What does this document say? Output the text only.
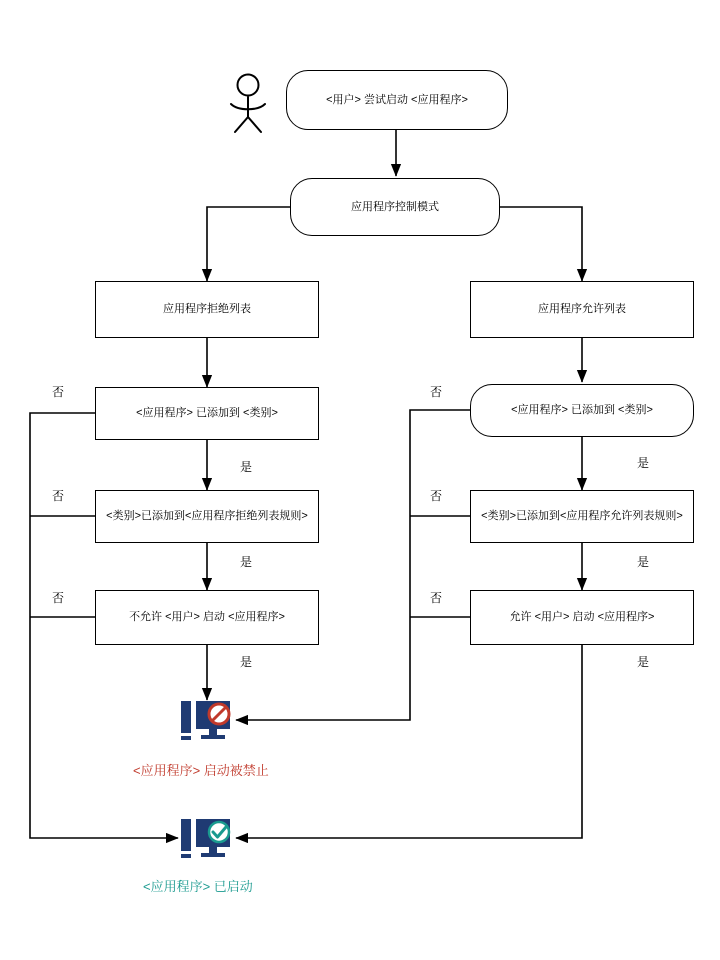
<用户> 尝试启动 <应用程序>
应用程序控制模式
应用程序拒绝列表	应用程序允许列表
<应用程序> 已添加到 <类别>	<应用程序> 已添加到 <类别>
<类别>已添加到<应用程序拒绝列表规则>	<类别>已添加到<应用程序允许列表规则>
不允许 <用户> 启动 <应用程序>	允许 <用户> 启动 <应用程序>
否
否
否
是
是
是
否
否
否
是
是
是
<应用程序> 启动被禁止
<应用程序> 已启动
